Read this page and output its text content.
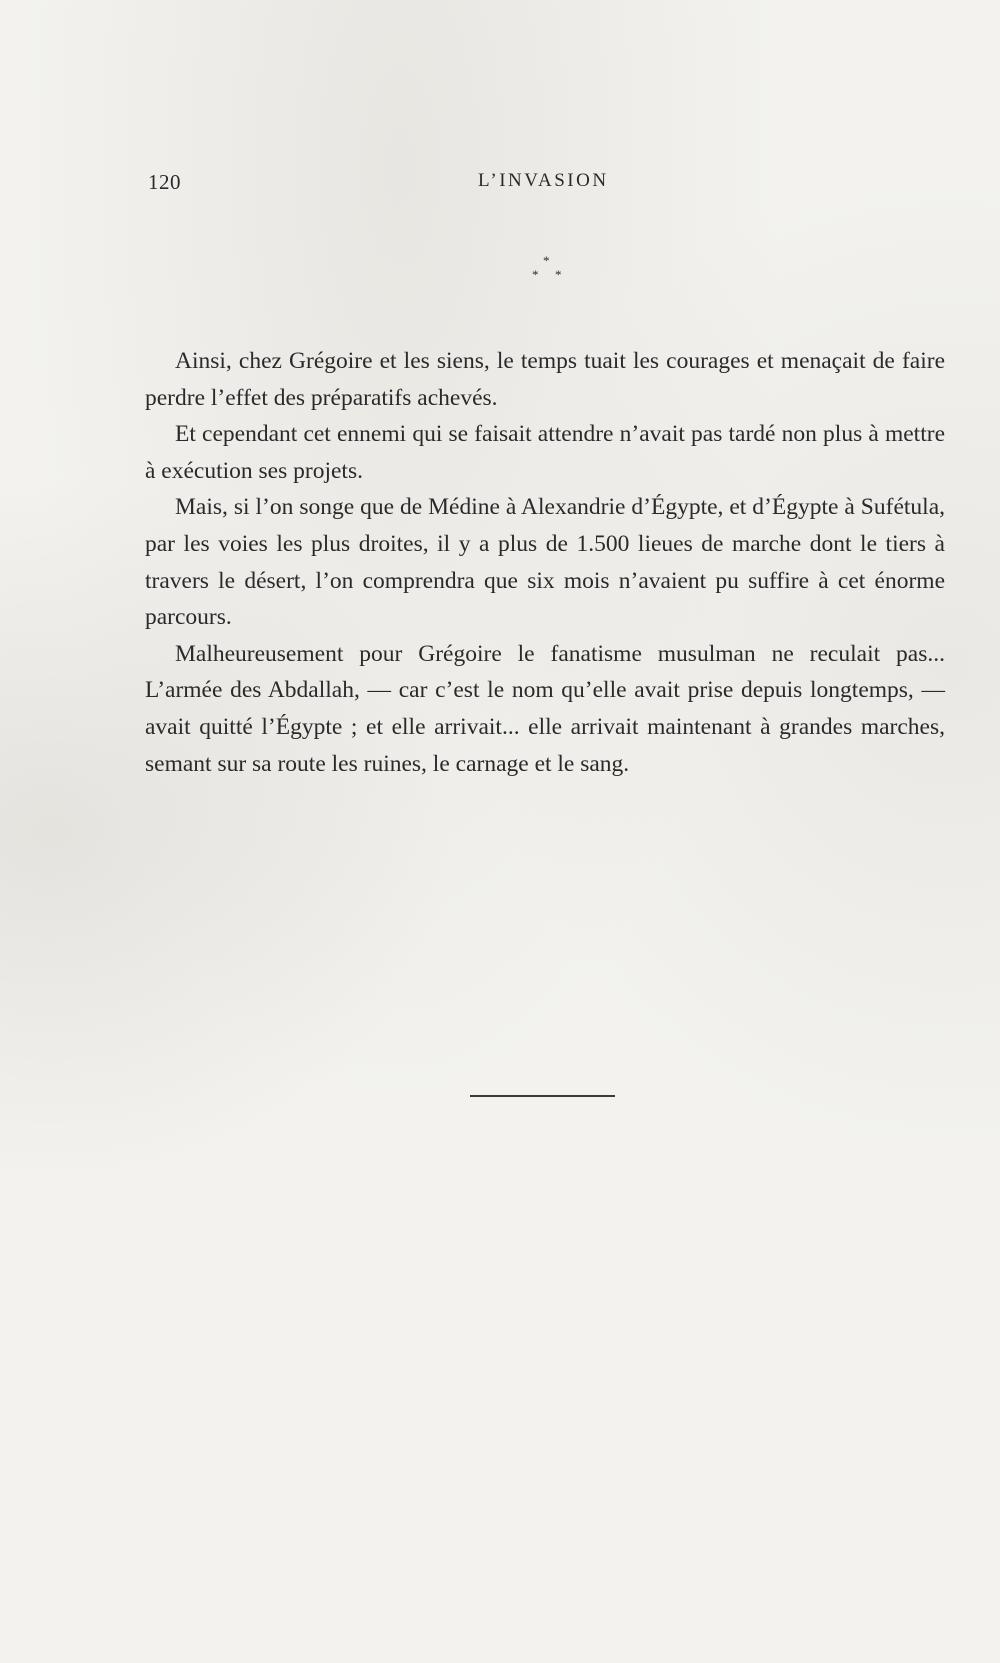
120	L’INVASION
*
* *

Ainsi, chez Grégoire et les siens, le temps tuait les courages et menaçait de faire perdre l’effet des préparatifs achevés.

Et cependant cet ennemi qui se faisait attendre n’avait pas tardé non plus à mettre à exécution ses projets.

Mais, si l’on songe que de Médine à Alexandrie d’Égypte, et d’Égypte à Sufétula, par les voies les plus droites, il y a plus de 1.500 lieues de marche dont le tiers à travers le désert, l’on comprendra que six mois n’avaient pu suffire à cet énorme parcours.

Malheureusement pour Grégoire le fanatisme musulman ne reculait pas... L’armée des Abdallah, — car c’est le nom qu’elle avait prise depuis longtemps, — avait quitté l’Égypte ; et elle arrivait... elle arrivait maintenant à grandes marches, semant sur sa route les ruines, le carnage et le sang.
